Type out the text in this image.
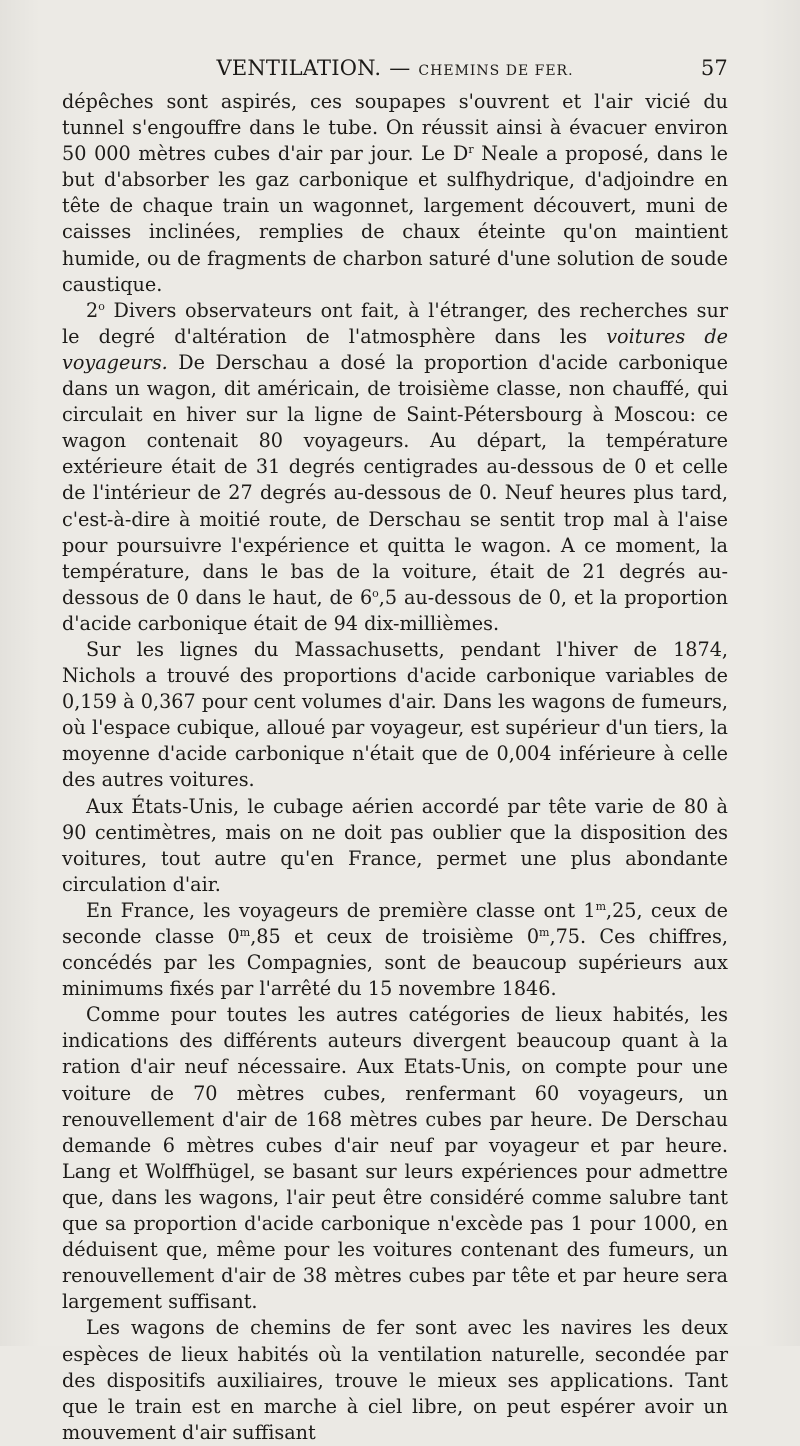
VENTILATION. — CHEMINS DE FER.	57

dépêches sont aspirés, ces soupapes s'ouvrent et l'air vicié du tunnel s'engouffre dans le tube. On réussit ainsi à évacuer environ 50 000 mètres cubes d'air par jour. Le $D^r$ Neale a proposé, dans le but d'absorber les gaz carbonique et sulfhydrique, d'adjoindre en tête de chaque train un wagonnet, largement découvert, muni de caisses inclinées, remplies de chaux éteinte qu'on maintient humide, ou de fragments de charbon saturé d'une solution de soude caustique.

2$^o$ Divers observateurs ont fait, à l'étranger, des recherches sur le degré d'altération de l'atmosphère dans les voitures de voyageurs. De Derschau a dosé la proportion d'acide carbonique dans un wagon, dit américain, de troisième classe, non chauffé, qui circulait en hiver sur la ligne de Saint-Pétersbourg à Moscou: ce wagon contenait 80 voyageurs. Au départ, la température extérieure était de 31 degrés centigrades au-dessous de 0 et celle de l'intérieur de 27 degrés au-dessous de 0. Neuf heures plus tard, c'est-à-dire à moitié route, de Derschau se sentit trop mal à l'aise pour poursuivre l'expérience et quitta le wagon. A ce moment, la température, dans le bas de la voiture, était de 21 degrés au-dessous de 0 dans le haut, de 6$^o$,5 au-dessous de 0, et la proportion d'acide carbonique était de 94 dix-millièmes.

Sur les lignes du Massachusetts, pendant l'hiver de 1874, Nichols a trouvé des proportions d'acide carbonique variables de 0,159 à 0,367 pour cent volumes d'air. Dans les wagons de fumeurs, où l'espace cubique, alloué par voyageur, est supérieur d'un tiers, la moyenne d'acide carbonique n'était que de 0,004 inférieure à celle des autres voitures.

Aux États-Unis, le cubage aérien accordé par tête varie de 80 à 90 centimètres, mais on ne doit pas oublier que la disposition des voitures, tout autre qu'en France, permet une plus abondante circulation d'air.

En France, les voyageurs de première classe ont 1$^m$,25, ceux de seconde classe 0$^m$,85 et ceux de troisième 0$^m$,75. Ces chiffres, concédés par les Compagnies, sont de beaucoup supérieurs aux minimums fixés par l'arrêté du 15 novembre 1846.

Comme pour toutes les autres catégories de lieux habités, les indications des différents auteurs divergent beaucoup quant à la ration d'air neuf nécessaire. Aux Etats-Unis, on compte pour une voiture de 70 mètres cubes, renfermant 60 voyageurs, un renouvellement d'air de 168 mètres cubes par heure. De Derschau demande 6 mètres cubes d'air neuf par voyageur et par heure. Lang et Wolffhügel, se basant sur leurs expériences pour admettre que, dans les wagons, l'air peut être considéré comme salubre tant que sa proportion d'acide carbonique n'excède pas 1 pour 1000, en déduisent que, même pour les voitures contenant des fumeurs, un renouvellement d'air de 38 mètres cubes par tête et par heure sera largement suffisant.

Les wagons de chemins de fer sont avec les navires les deux espèces de lieux habités où la ventilation naturelle, secondée par des dispositifs auxiliaires, trouve le mieux ses applications. Tant que le train est en marche à ciel libre, on peut espérer avoir un mouvement d'air suffisant
